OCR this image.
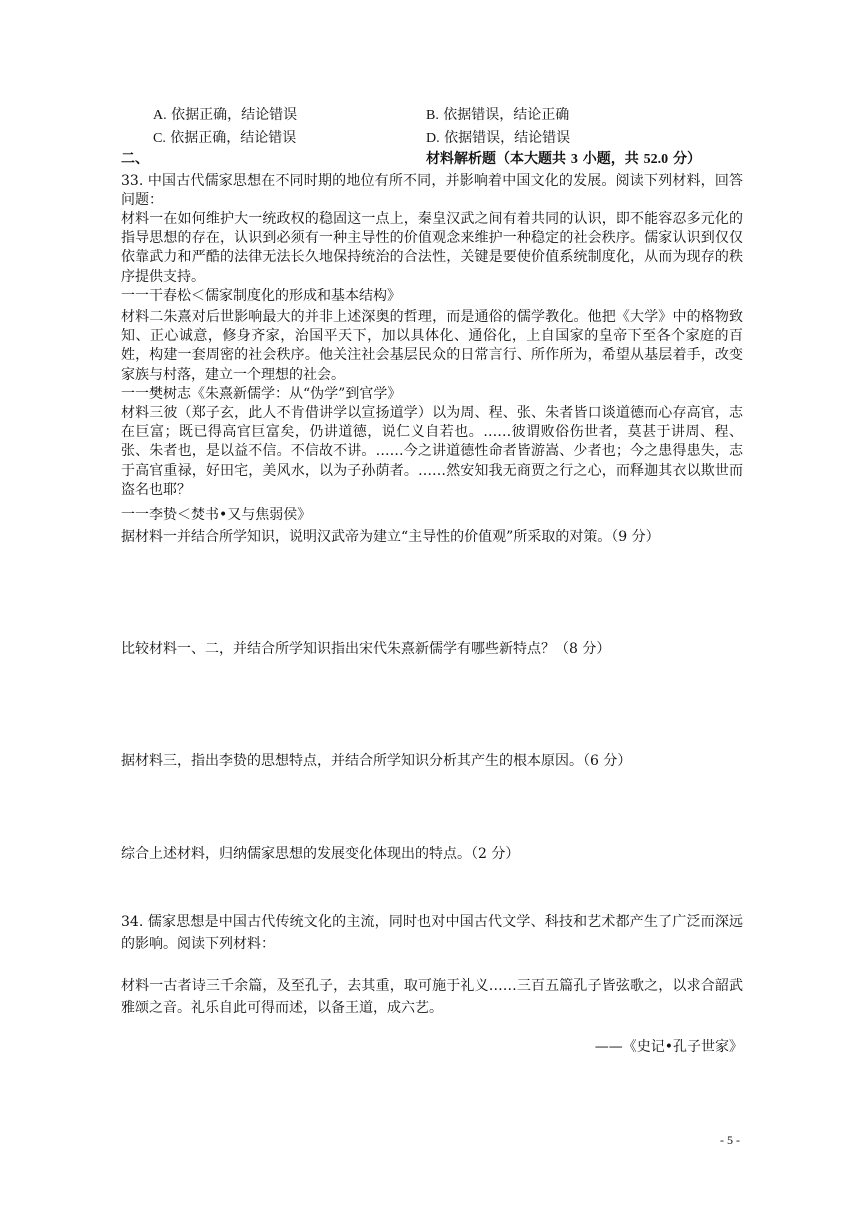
A. 依据正确，结论错误	B. 依据错误，结论正确
C. 依据正确，结论错误	D. 依据错误，结论错误
二、	材料解析题（本大题共 3 小题，共 52.0 分）
33. 中国古代儒家思想在不同时期的地位有所不同，并影响着中国文化的发展。阅读下列材料，回答问题：
材料一在如何维护大一统政权的稳固这一点上，秦皇汉武之间有着共同的认识，即不能容忍多元化的指导思想的存在，认识到必须有一种主导性的价值观念来维护一种稳定的社会秩序。儒家认识到仅仅依靠武力和严酷的法律无法长久地保持统治的合法性，关键是要使价值系统制度化，从而为现存的秩序提供支持。
一一干春松＜儒家制度化的形成和基本结构》
材料二朱熹对后世影响最大的并非上述深奥的哲理，而是通俗的儒学教化。他把《大学》中的格物致知、正心诚意，修身齐家，治国平天下，加以具体化、通俗化，上自国家的皇帝下至各个家庭的百姓，构建一套周密的社会秩序。他关注社会基层民众的日常言行、所作所为，希望从基层着手，改变家族与村落，建立一个理想的社会。
一一樊树志《朱熹新儒学：从“伪学”到官学》
材料三彼（郑子玄，此人不肯借讲学以宣扬道学）以为周、程、张、朱者皆口谈道德而心存高官，志在巨富；既已得高官巨富矣，仍讲道德，说仁义自若也。……彼谓败俗伤世者，莫甚于讲周、程、张、朱者也，是以益不信。不信故不讲。……今之讲道德性命者皆游嵩、少者也；今之患得患失，志于高官重禄，好田宅，美风水，以为子孙荫者。……然安知我无商贾之行之心，而释迦其衣以欺世而盗名也耶？
一一李贽＜焚书•又与焦弱侯》
据材料一并结合所学知识，说明汉武帝为建立“主导性的价值观”所采取的对策。（9 分）
比较材料一、二，并结合所学知识指出宋代朱熹新儒学有哪些新特点？（8 分）
据材料三，指出李贽的思想特点，并结合所学知识分析其产生的根本原因。（6 分）
综合上述材料，归纳儒家思想的发展变化体现出的特点。（2 分）
34. 儒家思想是中国古代传统文化的主流，同时也对中国古代文学、科技和艺术都产生了广泛而深远的影响。阅读下列材料：
材料一古者诗三千余篇，及至孔子，去其重，取可施于礼义……三百五篇孔子皆弦歌之，以求合韶武雅颂之音。礼乐自此可得而述，以备王道，成六艺。
——《史记•孔子世家》
- 5 -
